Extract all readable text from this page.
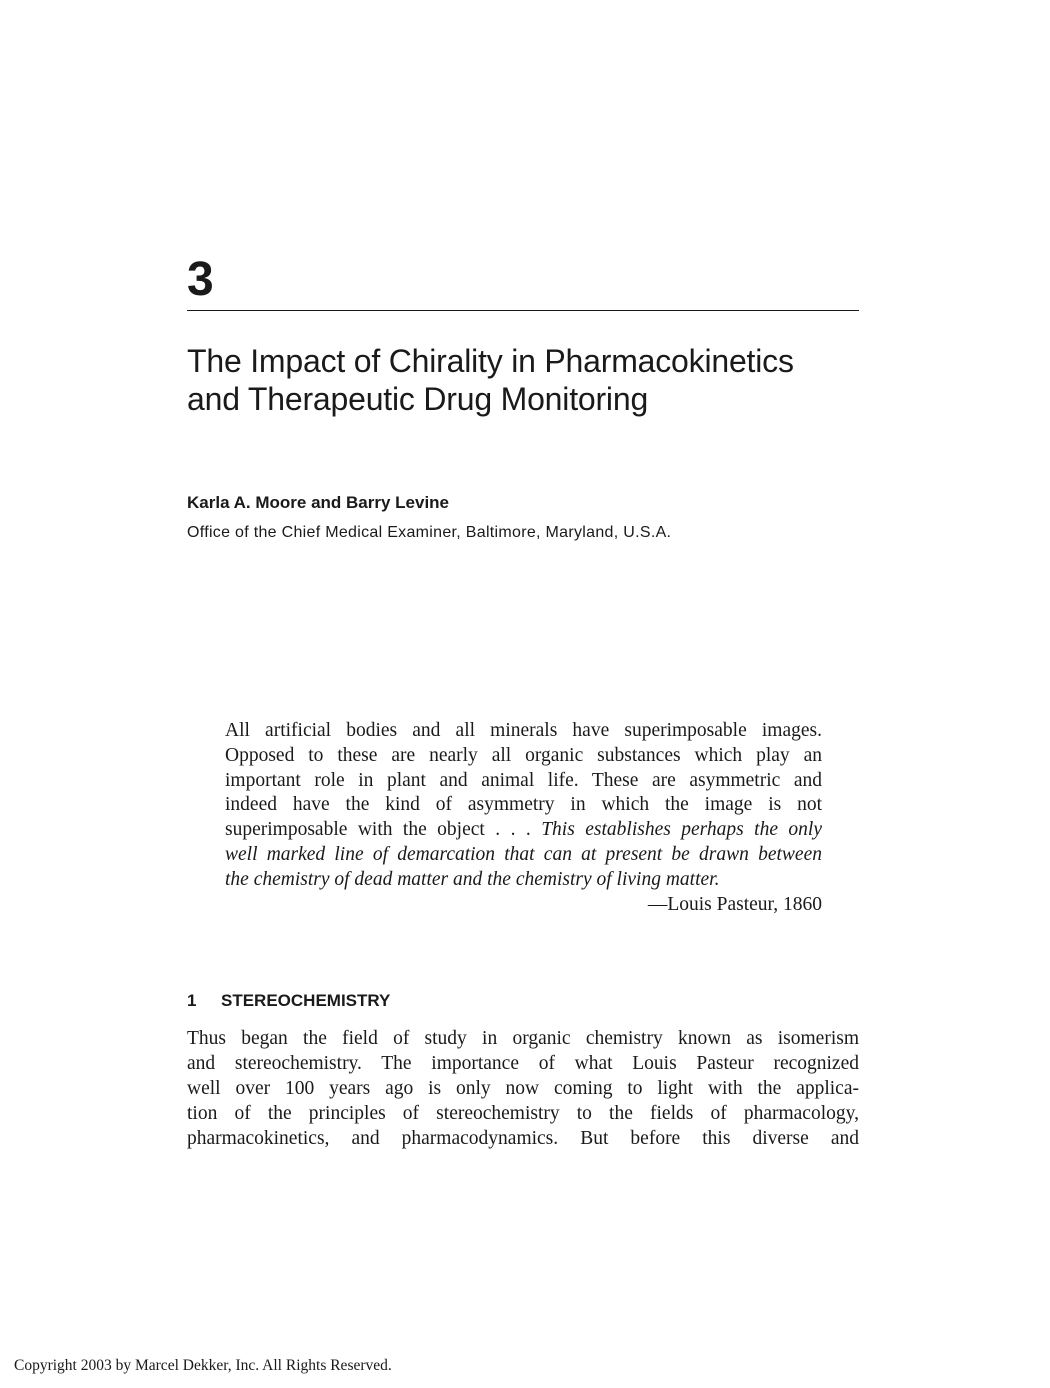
3
The Impact of Chirality in Pharmacokinetics
and Therapeutic Drug Monitoring

Karla A. Moore and Barry Levine

Office of the Chief Medical Examiner, Baltimore, Maryland, U.S.A.

All artificial bodies and all minerals have superimposable images.
Opposed to these are nearly all organic substances which play an
important role in plant and animal life. These are asymmetric and
indeed have the kind of asymmetry in which the image is not
superimposable with the object . . . This establishes perhaps the only
well marked line of demarcation that can at present be drawn between
the chemistry of dead matter and the chemistry of living matter.
—Louis Pasteur, 1860
1 STEREOCHEMISTRY
Thus began the field of study in organic chemistry known as isomerism
and stereochemistry. The importance of what Louis Pasteur recognized
well over 100 years ago is only now coming to light with the applica-
tion of the principles of stereochemistry to the fields of pharmacology,
pharmacokinetics, and pharmacodynamics. But before this diverse and

Copyright 2003 by Marcel Dekker, Inc. All Rights Reserved.
